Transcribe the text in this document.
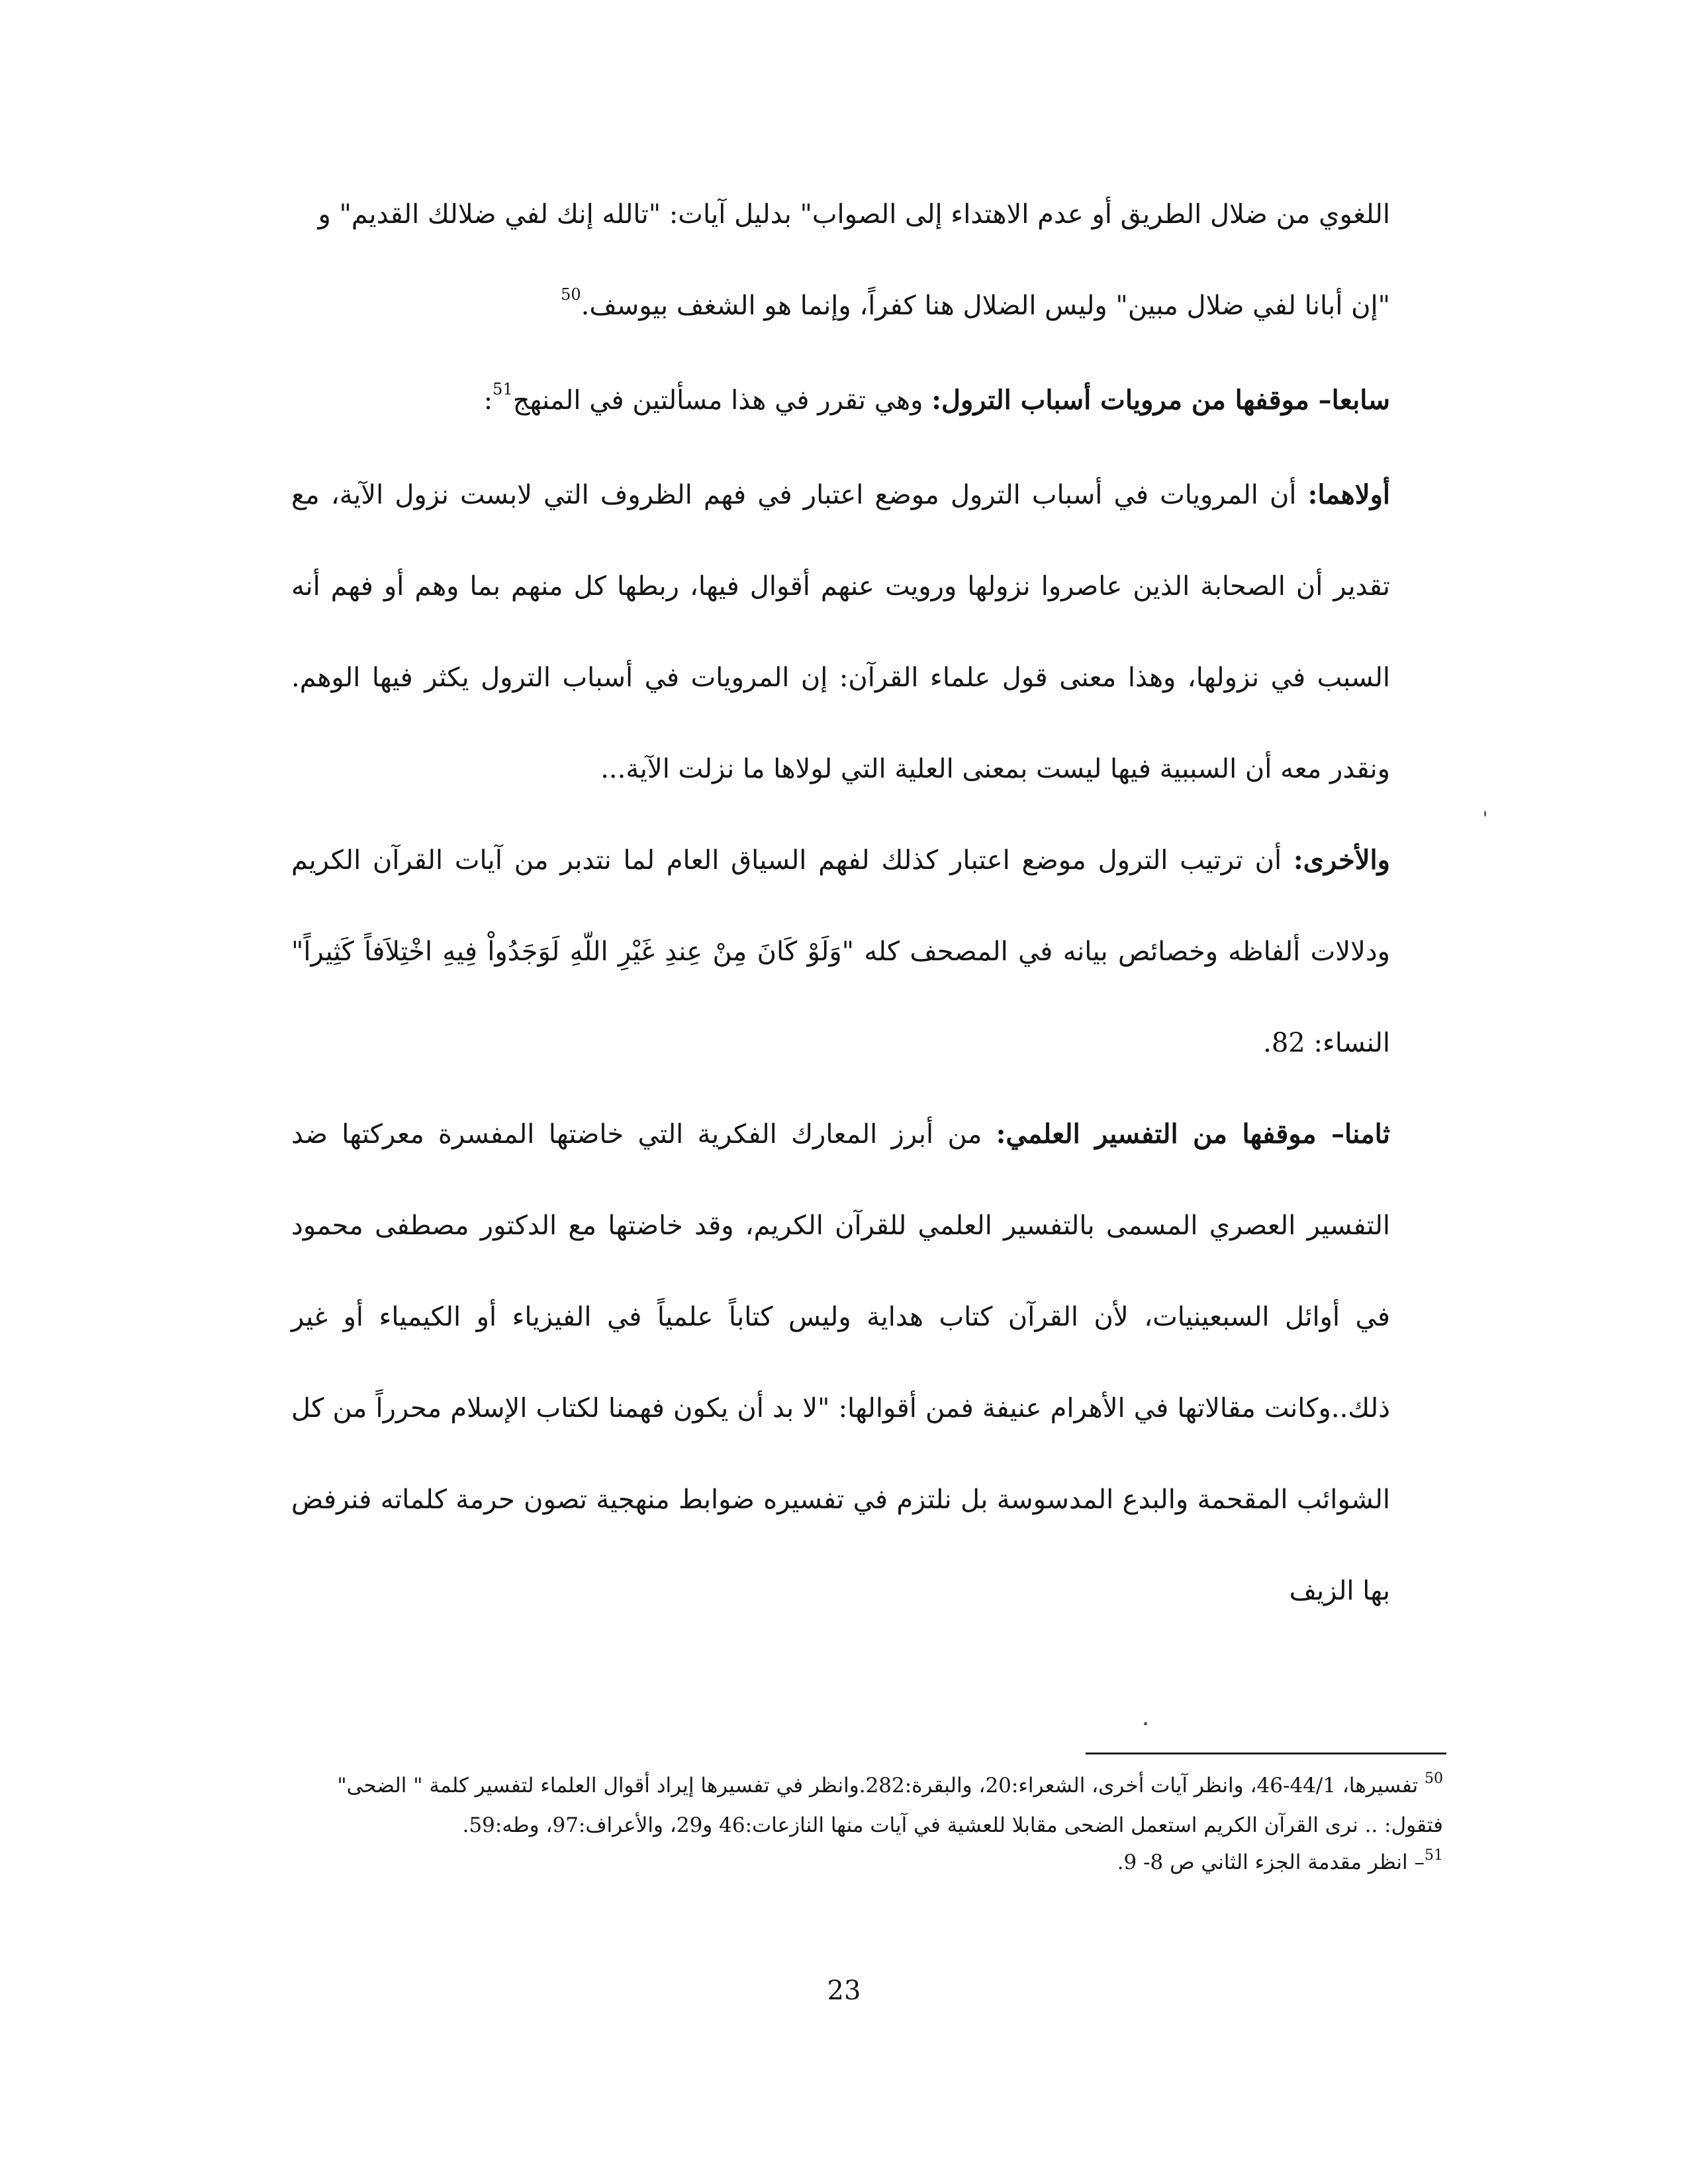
اللغوي من ضلال الطريق أو عدم الاهتداء إلى الصواب" بدليل آيات: "تالله إنك لفي ضلالك القديم" و
"إن أبانا لفي ضلال مبين" وليس الضلال هنا كفراً، وإنما هو الشغف بيوسف.$^{50}$

سابعا– موقفها من مرويات أسباب الترول: وهي تقرر في هذا مسألتين في المنهج$^{51}$:

أولاهما: أن المرويات في أسباب الترول موضع اعتبار في فهم الظروف التي لابست نزول الآية، مع تقدير أن الصحابة الذين عاصروا نزولها ورويت عنهم أقوال فيها، ربطها كل منهم بما وهم أو فهم أنه السبب في نزولها، وهذا معنى قول علماء القرآن: إن المرويات في أسباب الترول يكثر فيها الوهم. ونقدر معه أن السببية فيها ليست بمعنى العلية التي لولاها ما نزلت الآية...

والأخرى: أن ترتيب الترول موضع اعتبار كذلك لفهم السياق العام لما نتدبر من آيات القرآن الكريم ودلالات ألفاظه وخصائص بيانه في المصحف كله "وَلَوْ كَانَ مِنْ عِندِ غَيْرِ اللّهِ لَوَجَدُواْ فِيهِ اخْتِلاَفاً كَثِيراً" النساء: 82.

ثامنا– موقفها من التفسير العلمي: من أبرز المعارك الفكرية التي خاضتها المفسرة معركتها ضد التفسير العصري المسمى بالتفسير العلمي للقرآن الكريم، وقد خاضتها مع الدكتور مصطفى محمود في أوائل السبعينيات، لأن القرآن كتاب هداية وليس كتاباً علمياً في الفيزياء أو الكيمياء أو غير ذلك..وكانت مقالاتها في الأهرام عنيفة فمن أقوالها: "لا بد أن يكون فهمنا لكتاب الإسلام محرراً من كل الشوائب المقحمة والبدع المدسوسة بل نلتزم في تفسيره ضوابط منهجية تصون حرمة كلماته فنرفض بها الزيف

$^{50}$ تفسيرها، 44/1-46، وانظر آيات أخرى، الشعراء:20، والبقرة:282.وانظر في تفسيرها إيراد أقوال العلماء لتفسير كلمة " الضحى" فتقول: .. نرى القرآن الكريم استعمل الضحى مقابلا للعشية في آيات منها النازعات:46 و29، والأعراف:97، وطه:59.

$^{51}$– انظر مقدمة الجزء الثاني ص 8- 9.

23
